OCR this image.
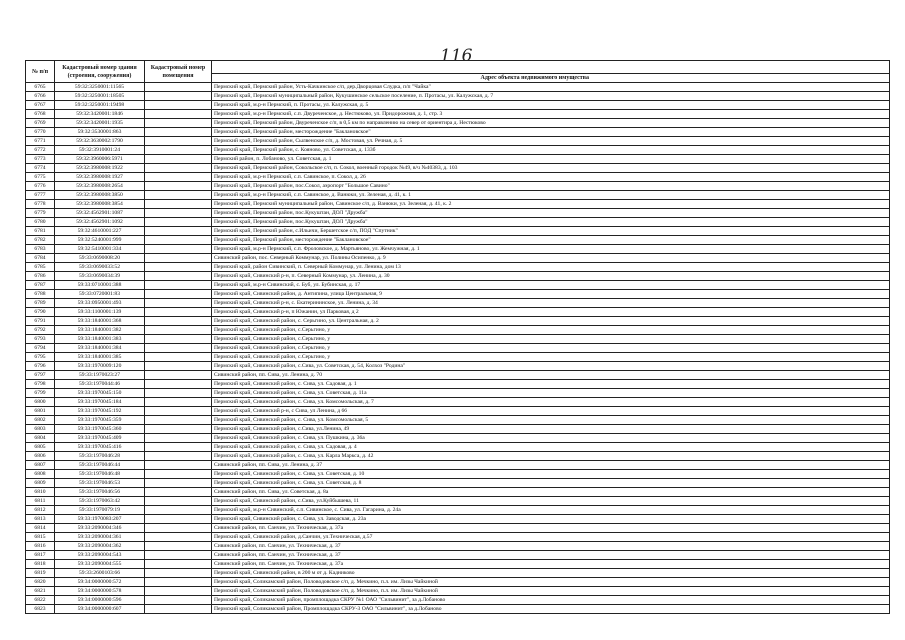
116
№ п/п	Кадастровый номер здания (строения, сооружения)	Кадастровый номер помещения	
			Адрес объекта недвижимого имущества
6765	59:32:3250001:11565		Пермский край, Пермский район, Усть-Качкинское с/п, дер.Дворцовая Слудка, п/п "Чайка"
6766	59:32:3250001:18505		Пермский край, Пермский муниципальный район, Кукушинское сельское поселение, п. Протасы, ул. Калужская, д. 7
6767	59:32:3250001:19498		Пермский край, м.р-н Пермский, п. Протасы, ул. Калужская, д. 5
6768	59:32:3420001:1846		Пермский край, м.р-н Пермский, с.п. Двуреченское, д. Нестюково, ул. Придорожная, д. 1, стр. 3
6769	59:32:3420001:1935		Пермский край, Пермский район, Двуреченское с/п, в 0,5 км по направлению на север от ориентира д. Нестюково
6770	59:32:3530001:863		Пермский край, Пермский район, месторождение "Баклановское"
6771	59:32:3630002:1790		Пермский край, Пермский район, Сылвенское с/п, д. Мостовая, ул. Речная, д. 5
6772	59:32:3910001:24		Пермский край, Пермский район, с. Кояново, ул. Советская, д. 133б
6773	59:32:3960006:5971		Пермский район, п. Лобаново, ул. Советская, д. 1
6774	59:32:3980008:1922		Пермский край, Пермский район, Сокольское с/п, п. Сокол, военный городок №49, в/ч №40383, д. 103
6775	59:32:3980008:1927		Пермский край, м.р-н Пермский, с.п. Савинское, п. Сокол, д. 26
6776	59:32:3980008:2654		Пермский край, Пермский район, пос.Сокол, аэропорт "Большое Савино"
6777	59:32:3980008:3850		Пермский край, м.р-н Пермский, с.п. Савинское, д. Ванюки, ул. Зеленая, д. 41, к. 1
6778	59:32:3980008:3854		Пермский край, Пермский муниципальный район, Савинское с/п, д. Ванюки, ул. Зеленая, д. 41, к. 2
6779	59:32:4562901:1087		Пермский край, Пермский район, пос.Кукуштан, ДОЛ "Дружба"
6780	59:32:4562901:1092		Пермский край, Пермский район, пос.Кукуштан, ДОЛ "Дружба"
6781	59:32:4610001:227		Пермский край, Пермский район, с.Ильичи, Бершетское с/п, ПОД "Спутник"
6782	59:32:5240001:999		Пермский край, Пермский район, месторождение "Баклановское"
6783	59:32:5410001:334		Пермский край, м.р-н Пермский, с.п. Фроловское, д. Мартьяново, ул. Жемчужная, д. 1
6784	59:33:0690008:20		Сивинский район, пос. Северный Коммунар, ул. Полины Осипенко, д. 9
6785	59:33:0690033:52		Пермский край, район Сивинский, п. Северный Коммунар, ул. Ленина, дом 13
6786	59:33:0690034:39		Пермский край, Сивинский р-н, п. Северный Коммунар, ул. Ленина, д. 30
6787	59:33:0710001:388		Пермский край, м.р-н Сивинский, с. Буб, ул. Бубинская, д. 17
6788	59:33:0720001:83		Пермский край, Сивинский район, д. Антипина, улица Центральная, 9
6789	59:33:0950001:493		Пермский край, Сивинский р-н, с. Екатерининское, ул. Ленина, д. 34
6790	59:33:1100001:139		Пермский край, Сивинский р-н, п Южанин, ул Парковая, д 2
6791	59:33:1840001:368		Пермский край, Сивинский район, с. Серьгино, ул. Центральная, д. 2
6792	59:33:1840001:382		Пермский край, Сивинский район, с.Серьгино, у
6793	59:33:1840001:383		Пермский край, Сивинский район, с.Серьгино, у
6794	59:33:1840001:384		Пермский край, Сивинский район, с.Серьгино, у
6795	59:33:1840001:385		Пермский край, Сивинский район, с.Серьгино, у
6796	59:33:1970009:120		Пермский край, Сивинский район, с.Сива, ул. Советская, д. 54, Колхоз "Родина"
6797	59:33:1970023:27		Сивинский район, пп. Сива, ул. Ленина, д. 70
6798	59:33:1970044:46		Пермский край, Сивинский район, с. Сива, ул. Садовая, д. 1
6799	59:33:1970045:150		Пермский край, Сивинский район, с. Сива, ул. Советская, д. 11а
6800	59:33:1970045:184		Пермский край, Сивинский район, с. Сива, ул. Комсомольская, д. 7
6801	59:33:1970045:192		Пермский край, Сивинский р-н, с Сива, ул Ленина, д 66
6802	59:33:1970045:359		Пермский край, Сивинский район, с. Сива, ул. Комсомольская, 5
6803	59:33:1970045:360		Пермский край, Сивинский район, с.Сива, ул.Ленина, 49
6804	59:33:1970045:409		Пермский край, Сивинский район, с. Сива, ул. Пушкина, д. 36а
6805	59:33:1970045:416		Пермский край, Сивинский район, с. Сива, ул. Садовая, д. 4
6806	59:33:1970046:28		Пермский край, Сивинский район, с. Сива, ул. Карла Маркса, д. 42
6807	59:33:1970046:44		Сивинский район, пп. Сива, ул. Ленина, д. 37
6808	59:33:1970046:48		Пермский край, Сивинский район, с. Сива, ул. Советская, д. 10
6809	59:33:1970046:53		Пермский край, Сивинский район, с. Сива, ул. Советская, д. 8
6810	59:33:1970046:56		Сивинский район, пп. Сива, ул. Советская, д. 8а
6811	59:33:1970063:42		Пермский край, Сивинский район, с.Сива, ул.Куйбышева, 11
6812	59:33:1970079:19		Пермский край, м.р-н Сивинский, с.п. Сивинское, с. Сива, ул. Гагарина, д. 24а
6813	59:33:1970083:207		Пермский край, Сивинский район, с. Сива, ул. Заводская, д. 23а
6814	59:33:2090004:346		Сивинский район, пп. Санчин, ул. Техническая, д. 37а
6815	59:33:2090004:361		Пермский край, Сивинский район, д.Санчин, ул.Техническая, д.57
6816	59:33:2090004:362		Сивинский район, пп. Санчин, ул. Техническая, д. 37
6817	59:33:2090004:543		Сивинский район, пп. Санчин, ул. Техническая, д. 37
6818	59:33:2090004:555		Сивинский район, пп. Санчин, ул. Техническая, д. 37а
6819	59:33:2600103:66		Пермский край, Сивинский район, в 200 м от д. Кадниково
6820	59:34:0000000:572		Пермский край, Соликамский район, Половодовское с/п, д. Мечкино, п.л. им. Лизы Чайкиной
6821	59:34:0000000:578		Пермский край, Соликамский район, Половодовское с/п, д. Мечкино, п.л. им. Лизы Чайкиной
6822	59:34:0000000:596		Пермский край, Соликамский район, промплощадка СКРУ №1 ОАО "Сильвинит", за д.Лобаново
6823	59:34:0000000:607		Пермский край, Соликамский район, Промплощадка СКРУ-3 ОАО "Сильвинит", за д.Лобаново
